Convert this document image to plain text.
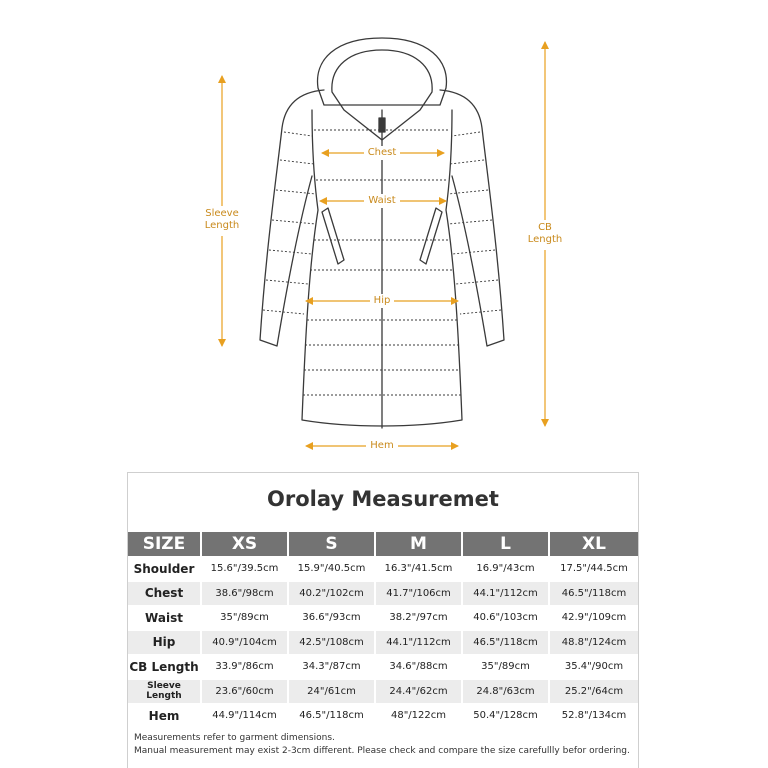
Chest
Waist
Hip
Hem
Sleeve
Length	CB
Length
Orolay Measuremet
SIZE	XS	S	M	L	XL
Shoulder	15.6"/39.5cm	15.9"/40.5cm	16.3"/41.5cm	16.9"/43cm	17.5"/44.5cm
Chest	38.6"/98cm	40.2"/102cm	41.7"/106cm	44.1"/112cm	46.5"/118cm
Waist	35"/89cm	36.6"/93cm	38.2"/97cm	40.6"/103cm	42.9"/109cm
Hip	40.9"/104cm	42.5"/108cm	44.1"/112cm	46.5"/118cm	48.8"/124cm
CB Length	33.9"/86cm	34.3"/87cm	34.6"/88cm	35"/89cm	35.4"/90cm
Sleeve Length	23.6"/60cm	24"/61cm	24.4"/62cm	24.8"/63cm	25.2"/64cm
Hem	44.9"/114cm	46.5"/118cm	48"/122cm	50.4"/128cm	52.8"/134cm
Measurements refer to garment dimensions.
Manual measurement may exist 2-3cm different. Please check and compare the size carefullly befor ordering.
